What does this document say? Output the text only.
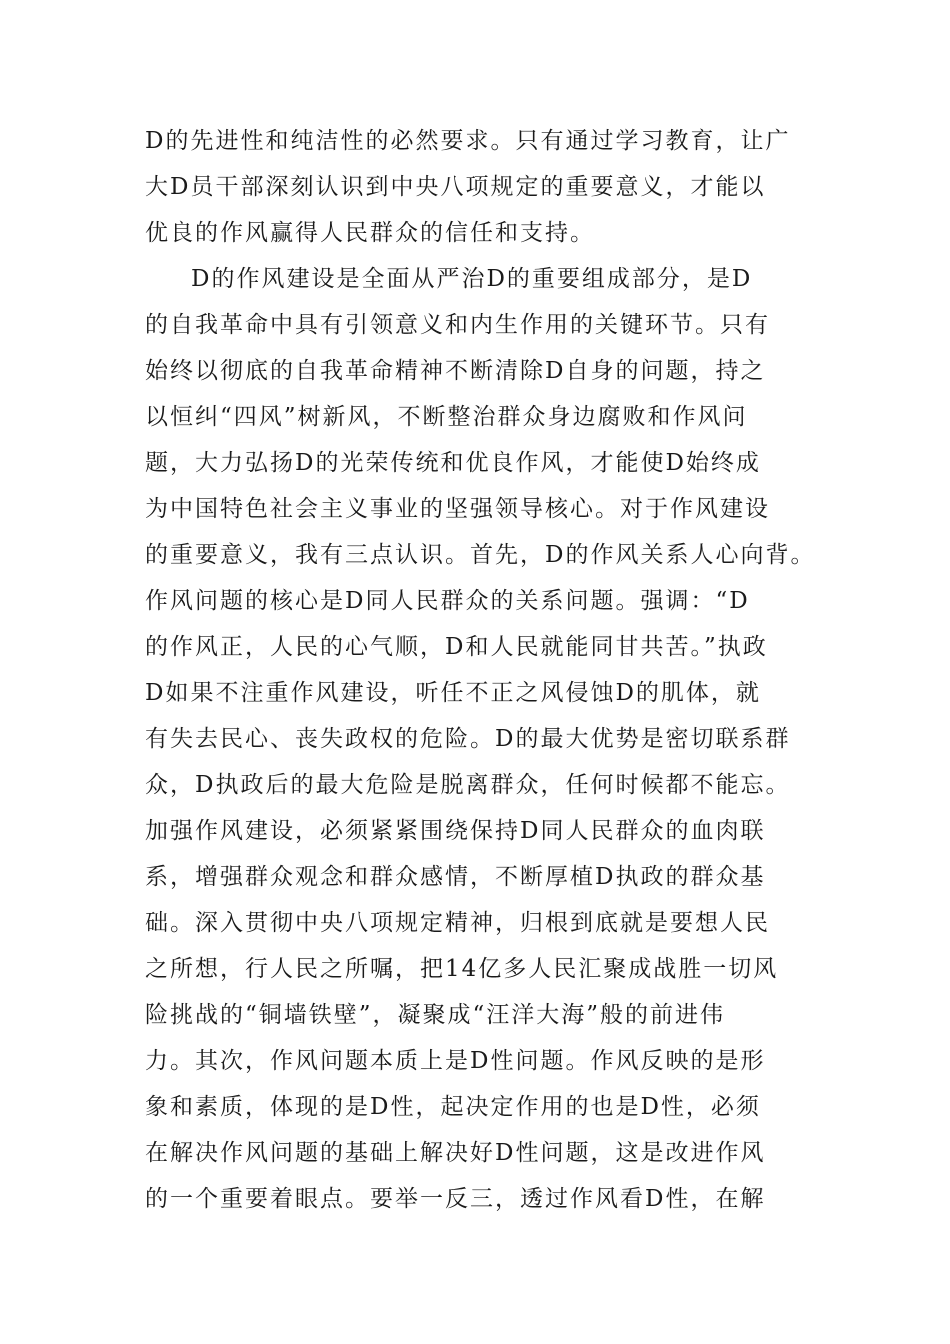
D的先进性和纯洁性的必然要求。只有通过学习教育，让广
大D员干部深刻认识到中央八项规定的重要意义，才能以
优良的作风赢得人民群众的信任和支持。
D的作风建设是全面从严治D的重要组成部分，是D
的自我革命中具有引领意义和内生作用的关键环节。只有
始终以彻底的自我革命精神不断清除D自身的问题，持之
以恒纠“四风”树新风，不断整治群众身边腐败和作风问
题，大力弘扬D的光荣传统和优良作风，才能使D始终成
为中国特色社会主义事业的坚强领导核心。对于作风建设
的重要意义，我有三点认识。首先，D的作风关系人心向背。
作风问题的核心是D同人民群众的关系问题。强调：“D
的作风正，人民的心气顺，D和人民就能同甘共苦。”执政
D如果不注重作风建设，听任不正之风侵蚀D的肌体，就
有失去民心、丧失政权的危险。D的最大优势是密切联系群
众，D执政后的最大危险是脱离群众，任何时候都不能忘。
加强作风建设，必须紧紧围绕保持D同人民群众的血肉联
系，增强群众观念和群众感情，不断厚植D执政的群众基
础。深入贯彻中央八项规定精神，归根到底就是要想人民
之所想，行人民之所嘱，把14亿多人民汇聚成战胜一切风
险挑战的“铜墙铁壁”，凝聚成“汪洋大海”般的前进伟
力。其次，作风问题本质上是D性问题。作风反映的是形
象和素质，体现的是D性，起决定作用的也是D性，必须
在解决作风问题的基础上解决好D性问题，这是改进作风
的一个重要着眼点。要举一反三，透过作风看D性，在解
